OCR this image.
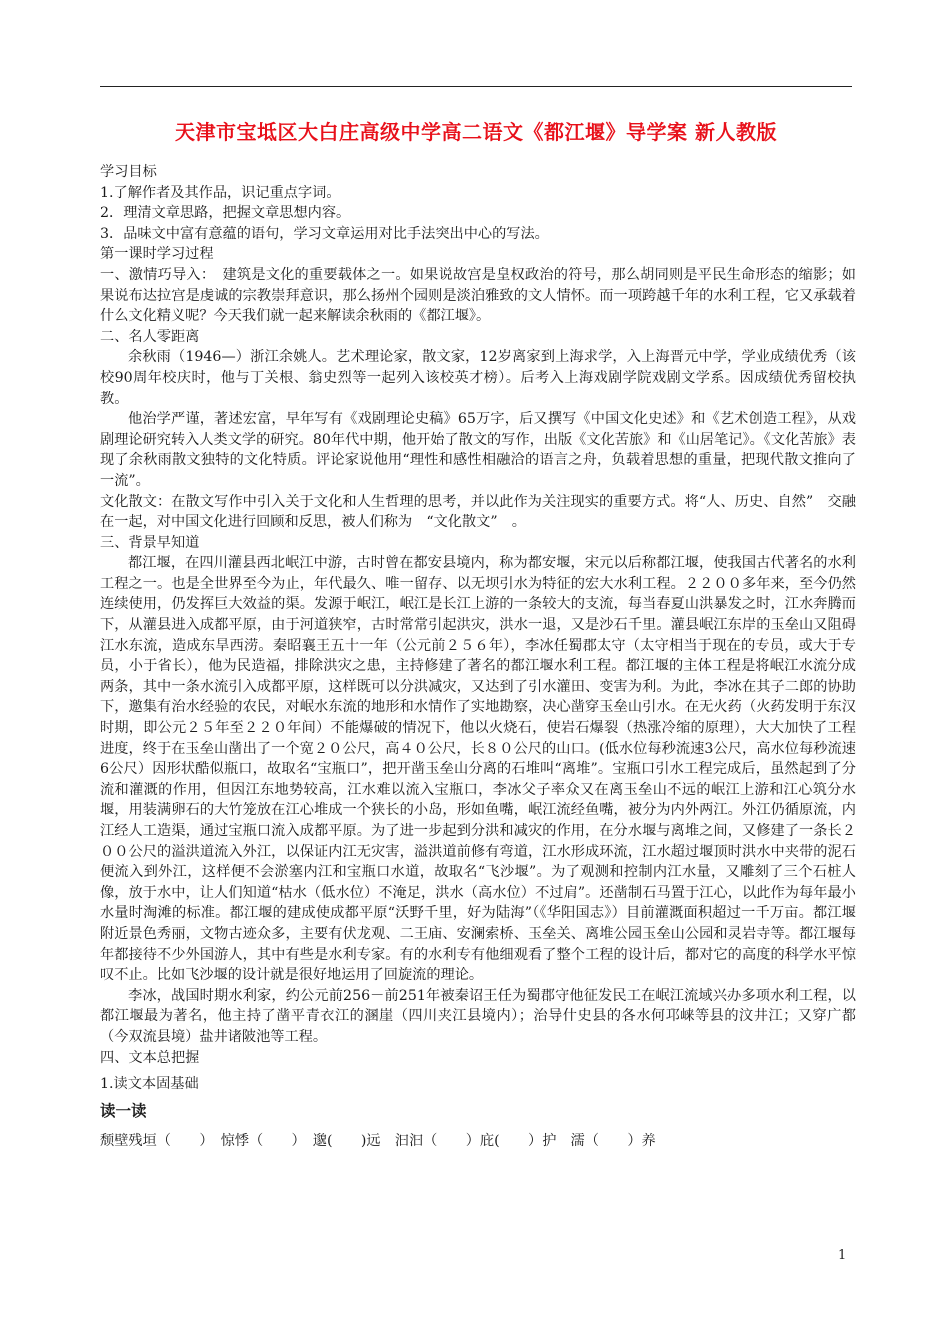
天津市宝坻区大白庄高级中学高二语文《都江堰》导学案 新人教版

学习目标

1.了解作者及其作品，识记重点字词。

2．理清文章思路，把握文章思想内容。

3．品味文中富有意蕴的语句，学习文章运用对比手法突出中心的写法。

第一课时学习过程

一、激情巧导入：　建筑是文化的重要载体之一。如果说故宫是皇权政治的符号，那么胡同则是平民生命形态的缩影；如果说布达拉宫是虔诚的宗教崇拜意识，那么扬州个园则是淡泊雅致的文人情怀。而一项跨越千年的水利工程，它又承载着什么文化精义呢？今天我们就一起来解读余秋雨的《都江堰》。

二、名人零距离

余秋雨（1946—）浙江余姚人。艺术理论家，散文家，12岁离家到上海求学，入上海晋元中学，学业成绩优秀（该校90周年校庆时，他与丁关根、翁史烈等一起列入该校英才榜）。后考入上海戏剧学院戏剧文学系。因成绩优秀留校执教。

他治学严谨，著述宏富，早年写有《戏剧理论史稿》65万字，后又撰写《中国文化史述》和《艺术创造工程》，从戏剧理论研究转入人类文学的研究。80年代中期，他开始了散文的写作，出版《文化苦旅》和《山居笔记》。《文化苦旅》表现了余秋雨散文独特的文化特质。评论家说他用“理性和感性相融洽的语言之舟，负载着思想的重量，把现代散文推向了一流”。

文化散文：在散文写作中引入关于文化和人生哲理的思考，并以此作为关注现实的重要方式。将“人、历史、自然”　交融在一起，对中国文化进行回顾和反思，被人们称为　“文化散文”　。

三、背景早知道

都江堰，在四川灌县西北岷江中游，古时曾在都安县境内，称为都安堰，宋元以后称都江堰，使我国古代著名的水利工程之一。也是全世界至今为止，年代最久、唯一留存、以无坝引水为特征的宏大水利工程。２２００多年来，至今仍然连续使用，仍发挥巨大效益的渠。发源于岷江，岷江是长江上游的一条较大的支流，每当春夏山洪暴发之时，江水奔腾而下，从灌县进入成都平原，由于河道狭窄，古时常常引起洪灾，洪水一退，又是沙石千里。灌县岷江东岸的玉垒山又阻碍江水东流，造成东旱西涝。秦昭襄王五十一年（公元前２５６年），李冰任蜀郡太守（太守相当于现在的专员，或大于专员，小于省长），他为民造福，排除洪灾之患，主持修建了著名的都江堰水利工程。都江堰的主体工程是将岷江水流分成两条，其中一条水流引入成都平原，这样既可以分洪减灾，又达到了引水灌田、变害为利。为此，李冰在其子二郎的协助下，邀集有治水经验的农民，对岷水东流的地形和水情作了实地勘察，决心凿穿玉垒山引水。在无火药（火药发明于东汉时期，即公元２５年至２２０年间）不能爆破的情况下，他以火烧石，使岩石爆裂（热涨冷缩的原理），大大加快了工程进度，终于在玉垒山凿出了一个宽２０公尺，高４０公尺，长８０公尺的山口。(低水位每秒流速3公尺，高水位每秒流速6公尺）因形状酷似瓶口，故取名“宝瓶口”，把开凿玉垒山分离的石堆叫“离堆”。宝瓶口引水工程完成后，虽然起到了分流和灌溉的作用，但因江东地势较高，江水难以流入宝瓶口，李冰父子率众又在离玉垒山不远的岷江上游和江心筑分水堰，用装满卵石的大竹笼放在江心堆成一个狭长的小岛，形如鱼嘴，岷江流经鱼嘴，被分为内外两江。外江仍循原流，内江经人工造渠，通过宝瓶口流入成都平原。为了进一步起到分洪和减灾的作用，在分水堰与离堆之间，又修建了一条长２００公尺的溢洪道流入外江，以保证内江无灾害，溢洪道前修有弯道，江水形成环流，江水超过堰顶时洪水中夹带的泥石便流入到外江，这样便不会淤塞内江和宝瓶口水道，故取名“飞沙堰”。为了观测和控制内江水量，又雕刻了三个石桩人像，放于水中，让人们知道“枯水（低水位）不淹足，洪水（高水位）不过肩”。还凿制石马置于江心，以此作为每年最小水量时淘滩的标准。都江堰的建成使成都平原“沃野千里，好为陆海”（《华阳国志》）目前灌溉面积超过一千万亩。都江堰附近景色秀丽，文物古迹众多，主要有伏龙观、二王庙、安澜索桥、玉垒关、离堆公园玉垒山公园和灵岩寺等。都江堰每年都接待不少外国游人，其中有些是水利专家。有的水利专有他细观看了整个工程的设计后，都对它的高度的科学水平惊叹不止。比如飞沙堰的设计就是很好地运用了回旋流的理论。

李冰，战国时期水利家，约公元前256－前251年被秦诏王任为蜀郡守他征发民工在岷江流域兴办多项水利工程，以都江堰最为著名，他主持了凿平青衣江的溷崖（四川夹江县境内）；治导什史县的各水何邛崃等县的汶井江；又穿广都（今双流县境）盐井诸陂池等工程。

四、文本总把握

1.读文本固基础

读一读

颓壁残垣（　　）　惊悸（　　）　邈(　　)远　汩汩（　　）庇(　　）护　濡（　　）养

1
